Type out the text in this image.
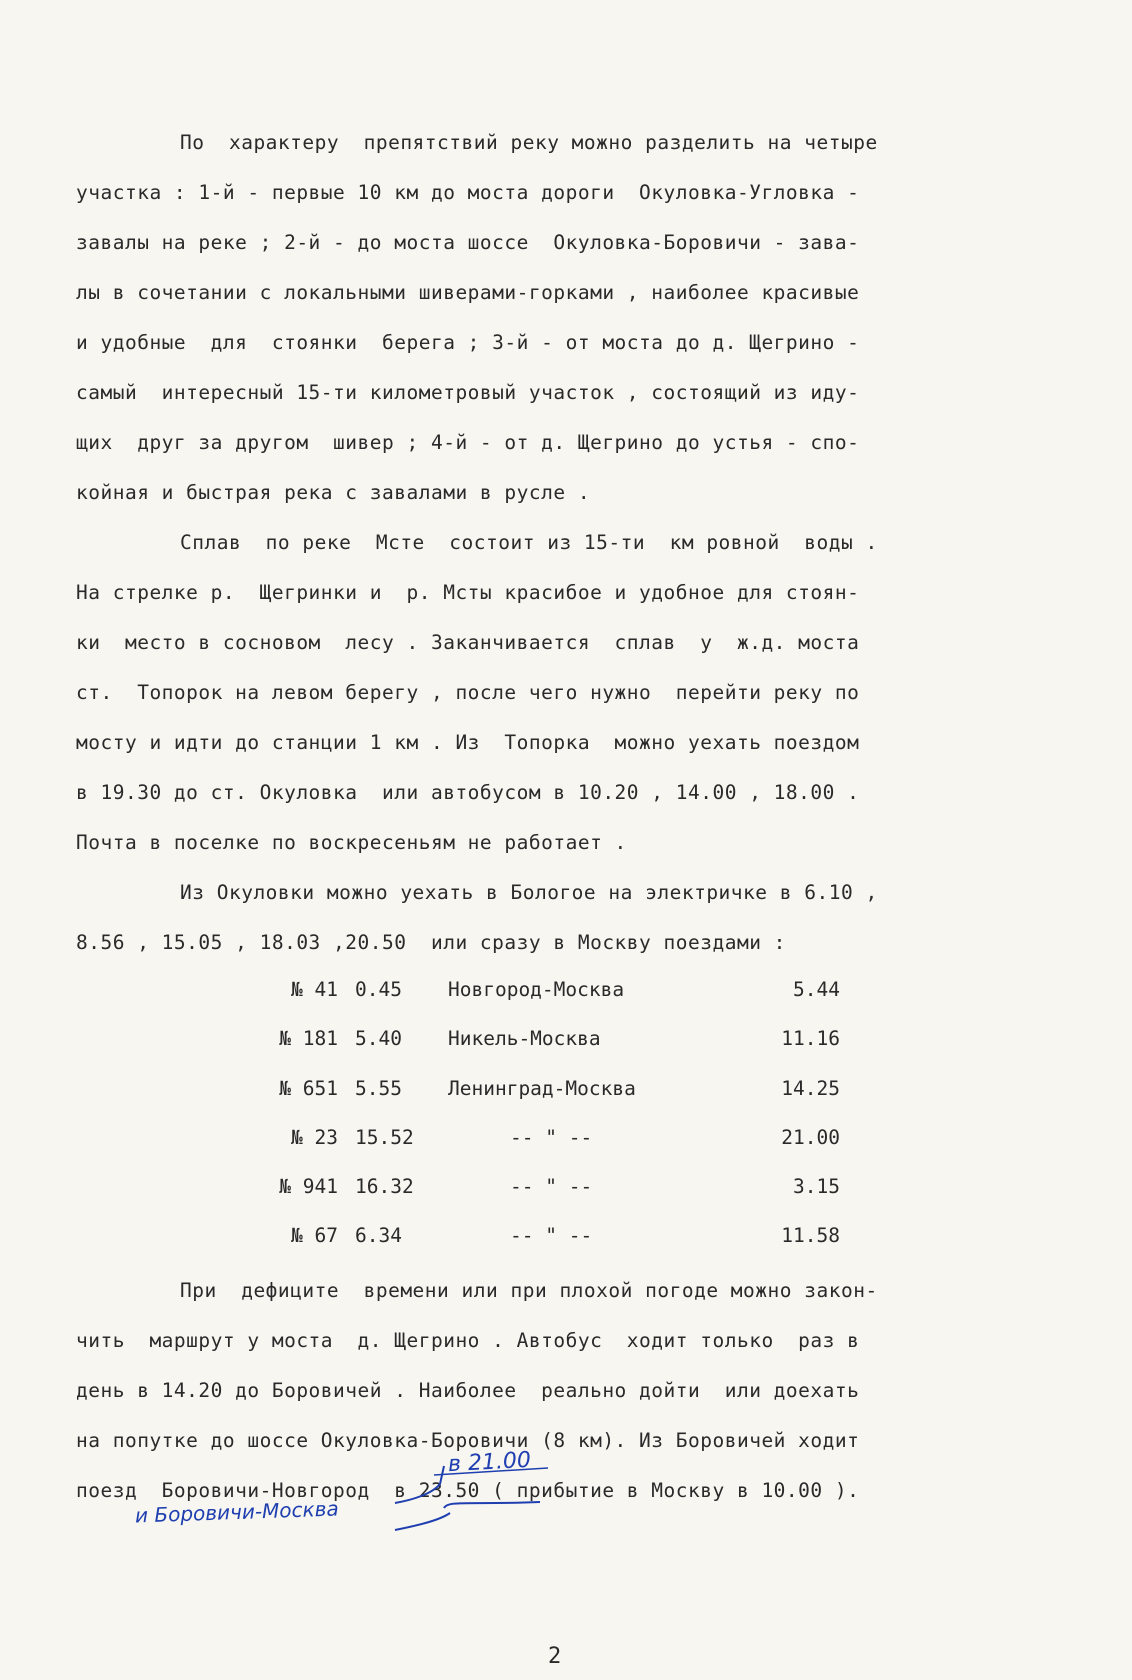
По  характеру  препятствий реку можно разделить на четыре
участка : 1-й - первые 10 км до моста дороги  Окуловка-Угловка -
завалы на реке ; 2-й - до моста шоссе  Окуловка-Боровичи - зава-
лы в сочетании с локальными шиверами-горками , наиболее красивые
и удобные  для  стоянки  берега ; 3-й - от моста до д. Щегрино -
самый  интересный 15-ти километровый участок , состоящий из иду-
щих  друг за другом  шивер ; 4-й - от д. Щегрино до устья - спо-
койная и быстрая река с завалами в русле .
Сплав  по реке  Мсте  состоит из 15-ти  км ровной  воды .
На стрелке р.  Щегринки и  р. Мсты красибое и удобное для стоян-
ки  место в сосновом  лесу . Заканчивается  сплав  у  ж.д. моста
ст.  Топорок на левом берегу , после чего нужно  перейти реку по
мосту и идти до станции 1 км . Из  Топорка  можно уехать поездом
в 19.30 до ст. Окуловка  или автобусом в 10.20 , 14.00 , 18.00 .
Почта в поселке по воскресеньям не работает .
Из Окуловки можно уехать в Бологое на электричке в 6.10 ,
8.56 , 15.05 , 18.03 ,20.50  или сразу в Москву поездами :
№ 41 0.45 Новгород-Москва	5.44
№ 181 5.40 Никель-Москва	11.16
№ 651 5.55 Ленинград-Москва	14.25
№ 23 15.52	-- " --	21.00
№ 941 16.32	-- " --	3.15
№ 67 6.34	-- " --	11.58
При  дефиците  времени или при плохой погоде можно закон-
чить  маршрут у моста  д. Щегрино . Автобус  ходит только  раз в
день в 14.20 до Боровичей . Наиболее  реально дойти  или доехать
на попутке до шоссе Окуловка-Боровичи (8 км). Из Боровичей ходит
поезд  Боровичи-Новгород  в 23.50 ( прибытие в Москву в 10.00 ).
в 21.00
и Боровичи-Москва
2
